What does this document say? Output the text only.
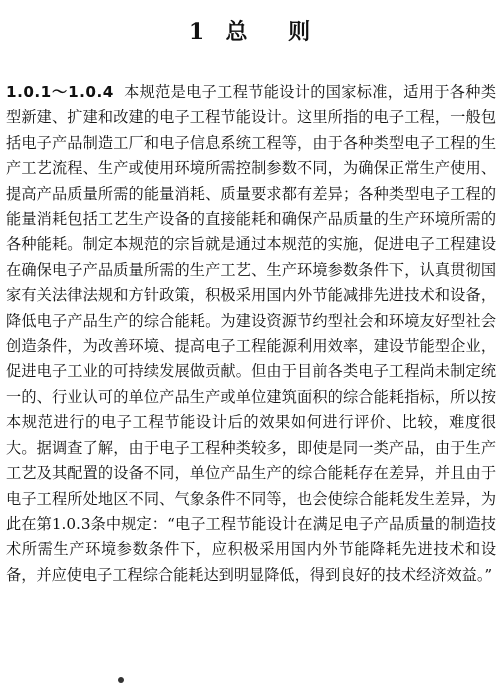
1  总    则

1.0.1～1.0.4 本规范是电子工程节能设计的国家标准，适用于各种类型新建、扩建和改建的电子工程节能设计。这里所指的电子工程，一般包括电子产品制造工厂和电子信息系统工程等，由于各种类型电子工程的生产工艺流程、生产或使用环境所需控制参数不同，为确保正常生产使用、提高产品质量所需的能量消耗、质量要求都有差异；各种类型电子工程的能量消耗包括工艺生产设备的直接能耗和确保产品质量的生产环境所需的各种能耗。制定本规范的宗旨就是通过本规范的实施，促进电子工程建设在确保电子产品质量所需的生产工艺、生产环境参数条件下，认真贯彻国家有关法律法规和方针政策，积极采用国内外节能减排先进技术和设备，降低电子产品生产的综合能耗。为建设资源节约型社会和环境友好型社会创造条件，为改善环境、提高电子工程能源利用效率，建设节能型企业，促进电子工业的可持续发展做贡献。但由于目前各类电子工程尚未制定统一的、行业认可的单位产品生产或单位建筑面积的综合能耗指标，所以按本规范进行的电子工程节能设计后的效果如何进行评价、比较，难度很大。据调查了解，由于电子工程种类较多，即使是同一类产品，由于生产工艺及其配置的设备不同，单位产品生产的综合能耗存在差异，并且由于电子工程所处地区不同、气象条件不同等，也会使综合能耗发生差异，为此在第1.0.3条中规定：“电子工程节能设计在满足电子产品质量的制造技术所需生产环境参数条件下，应积极采用国内外节能降耗先进技术和设备，并应使电子工程综合能耗达到明显降低，得到良好的技术经济效益。”
